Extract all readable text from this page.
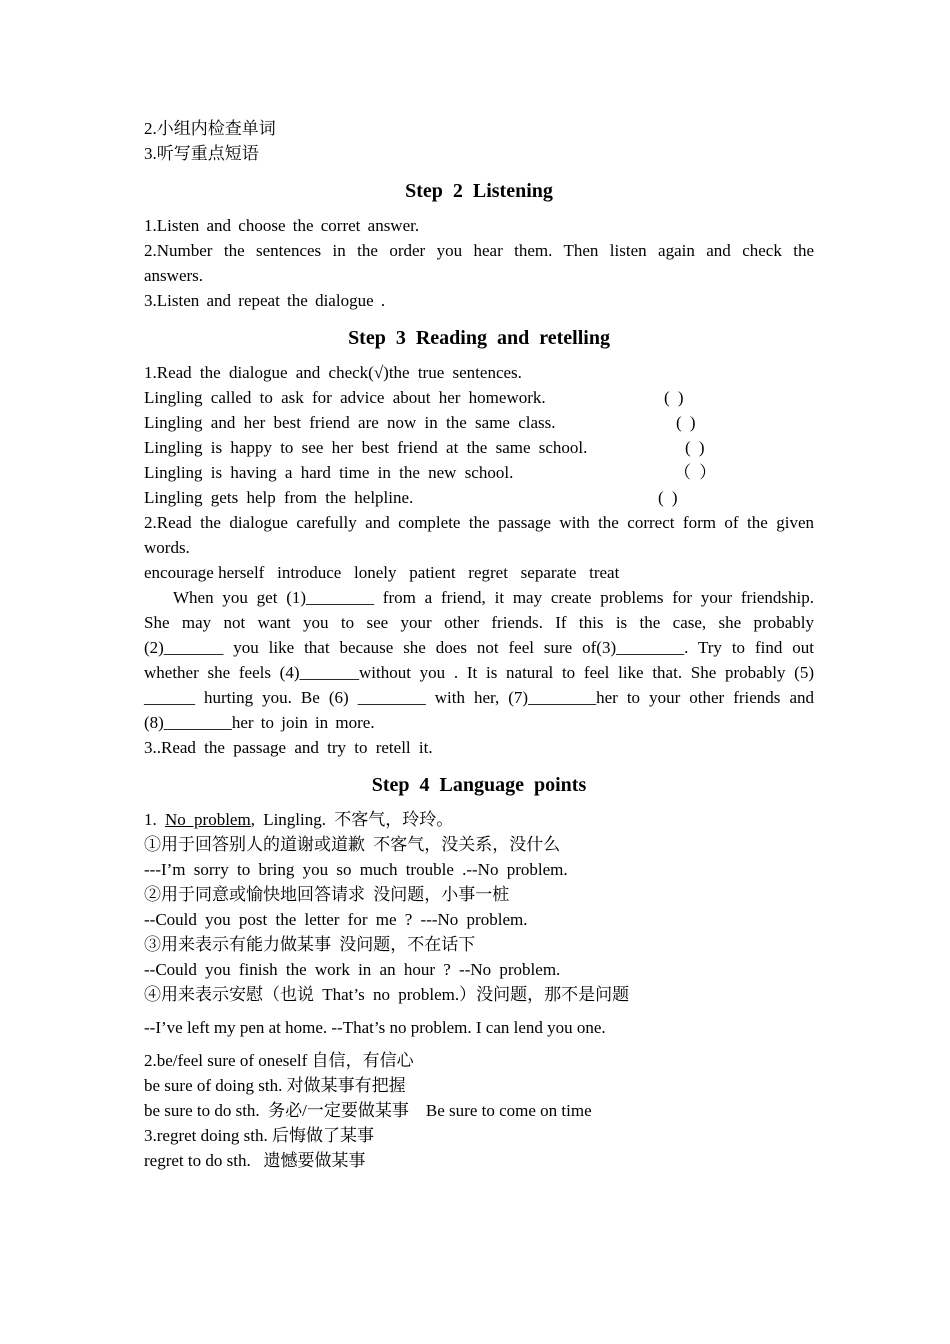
2.小组内检查单词
3.听写重点短语
Step 2 Listening
1.Listen and choose the corret answer.
2.Number the sentences in the order you hear them. Then listen again and check the answers.
3.Listen and repeat the dialogue .
Step 3 Reading and retelling
1.Read the dialogue and check(√)the true sentences.
Lingling called to ask for advice about her homework.	( )
Lingling and her best friend are now in the same class.	( )
Lingling is happy to see her best friend at the same school.	( )
Lingling is having a hard time in the new school.	（ ）
Lingling gets help from the helpline.	( )
2.Read the dialogue carefully and complete the passage with the correct form of the given words.
encourage herself   introduce   lonely   patient   regret   separate   treat
When you get (1)________ from a friend, it may create problems for your friendship. She may not want you to see your other friends. If this is the case, she probably (2)_______ you like that because she does not feel sure of(3)________. Try to find out whether she feels (4)_______without you . It is natural to feel like that. She probably (5) ______ hurting you. Be (6) ________ with her, (7)________her to your other friends and (8)________her to join in more.
3..Read the passage and try to retell it.
Step 4 Language points
1. No problem, Lingling. 不客气，玲玲。
①用于回答别人的道谢或道歉 不客气，没关系，没什么
---I’m sorry to bring you so much trouble .--No problem.
②用于同意或愉快地回答请求 没问题，小事一桩
--Could you post the letter for me ? ---No problem.
③用来表示有能力做某事 没问题，不在话下
--Could you finish the work in an hour ? --No problem.
④用来表示安慰（也说 That’s no problem.）没问题，那不是问题
--I’ve left my pen at home. --That’s no problem. I can lend you one.
2.be/feel sure of oneself 自信，有信心
be sure of doing sth. 对做某事有把握
be sure to do sth.  务必/一定要做某事    Be sure to come on time
3.regret doing sth. 后悔做了某事
regret to do sth.   遗憾要做某事
